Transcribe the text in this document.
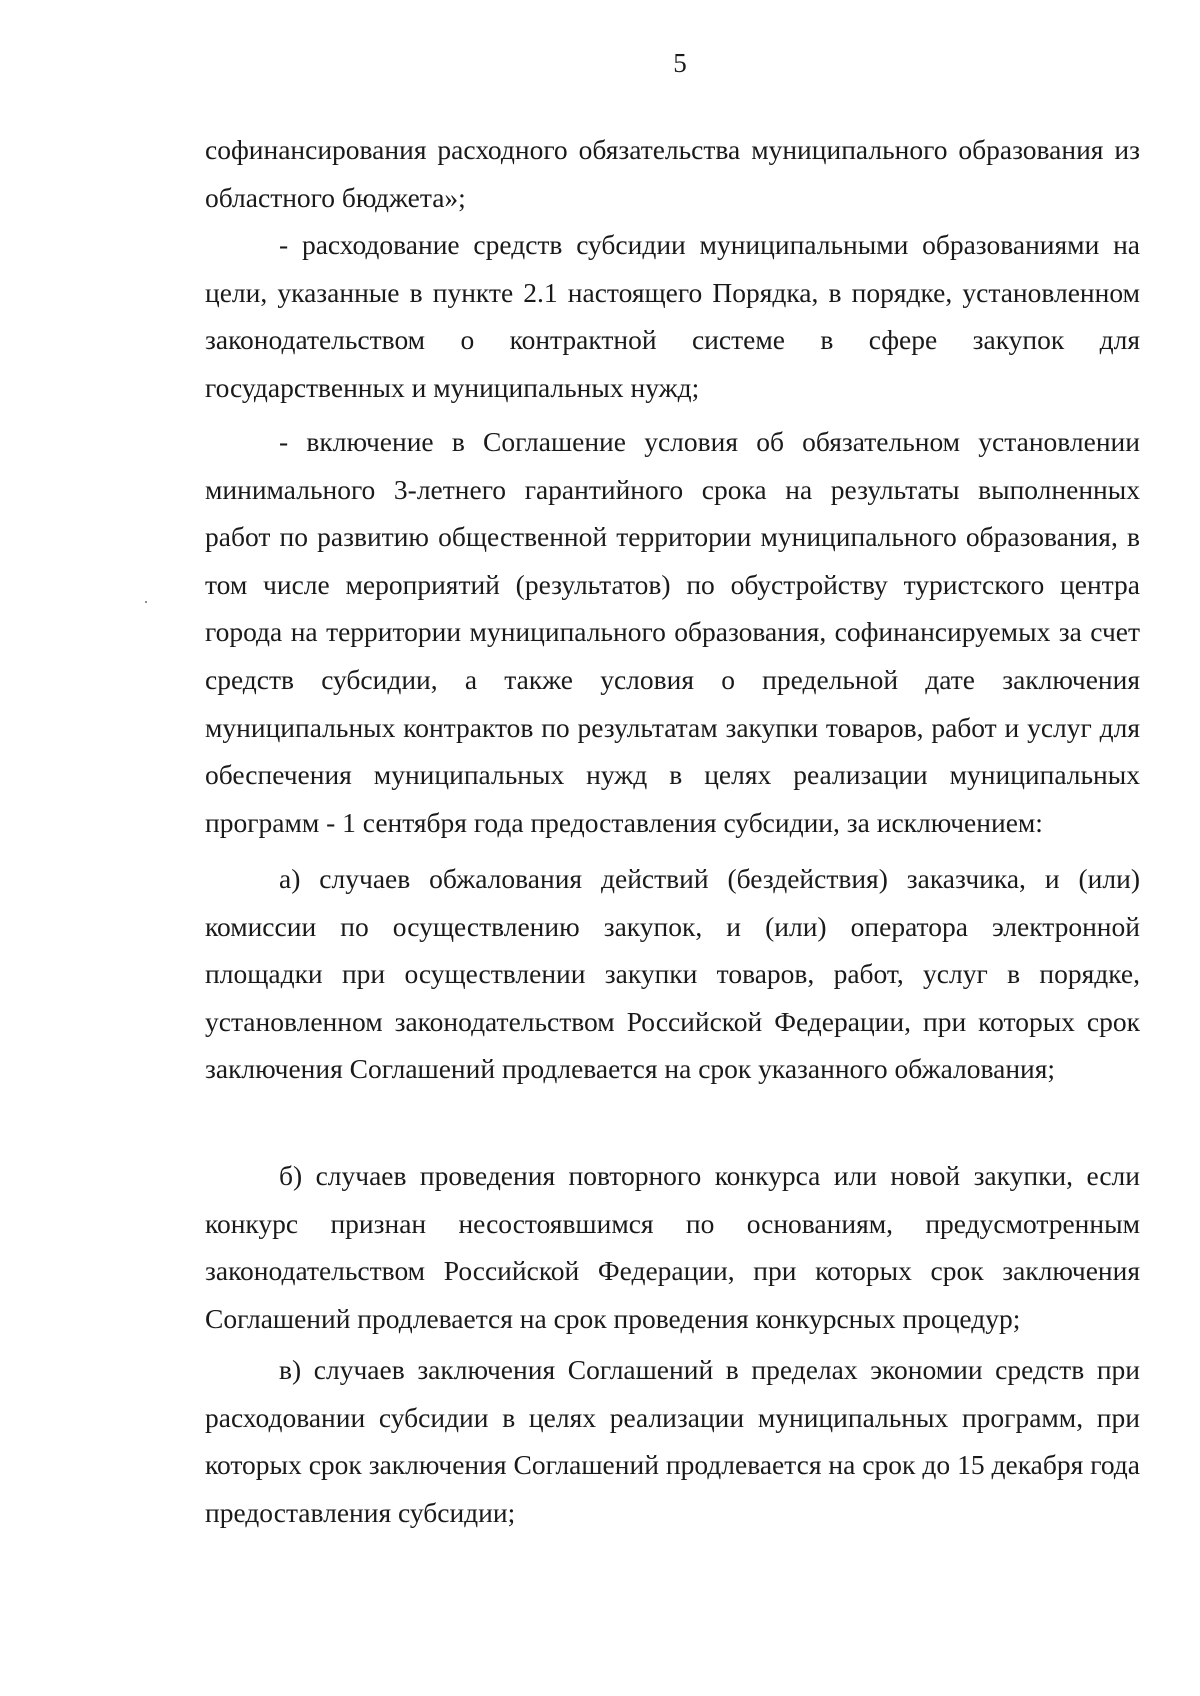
5

софинансирования расходного обязательства муниципального образования из областного бюджета»;

- расходование средств субсидии муниципальными образованиями на цели, указанные в пункте 2.1 настоящего Порядка, в порядке, установленном законодательством о контрактной системе в сфере закупок для государственных и муниципальных нужд;

- включение в Соглашение условия об обязательном установлении минимального 3-летнего гарантийного срока на результаты выполненных работ по развитию общественной территории муниципального образования, в том числе мероприятий (результатов) по обустройству туристского центра города на территории муниципального образования, софинансируемых за счет средств субсидии, а также условия о предельной дате заключения муниципальных контрактов по результатам закупки товаров, работ и услуг для обеспечения муниципальных нужд в целях реализации муниципальных программ - 1 сентября года предоставления субсидии, за исключением:

а) случаев обжалования действий (бездействия) заказчика, и (или) комиссии по осуществлению закупок, и (или) оператора электронной площадки при осуществлении закупки товаров, работ, услуг в порядке, установленном законодательством Российской Федерации, при которых срок заключения Соглашений продлевается на срок указанного обжалования;

б) случаев проведения повторного конкурса или новой закупки, если конкурс признан несостоявшимся по основаниям, предусмотренным законодательством Российской Федерации, при которых срок заключения Соглашений продлевается на срок проведения конкурсных процедур;

в) случаев заключения Соглашений в пределах экономии средств при расходовании субсидии в целях реализации муниципальных программ, при которых срок заключения Соглашений продлевается на срок до 15 декабря года предоставления субсидии;
